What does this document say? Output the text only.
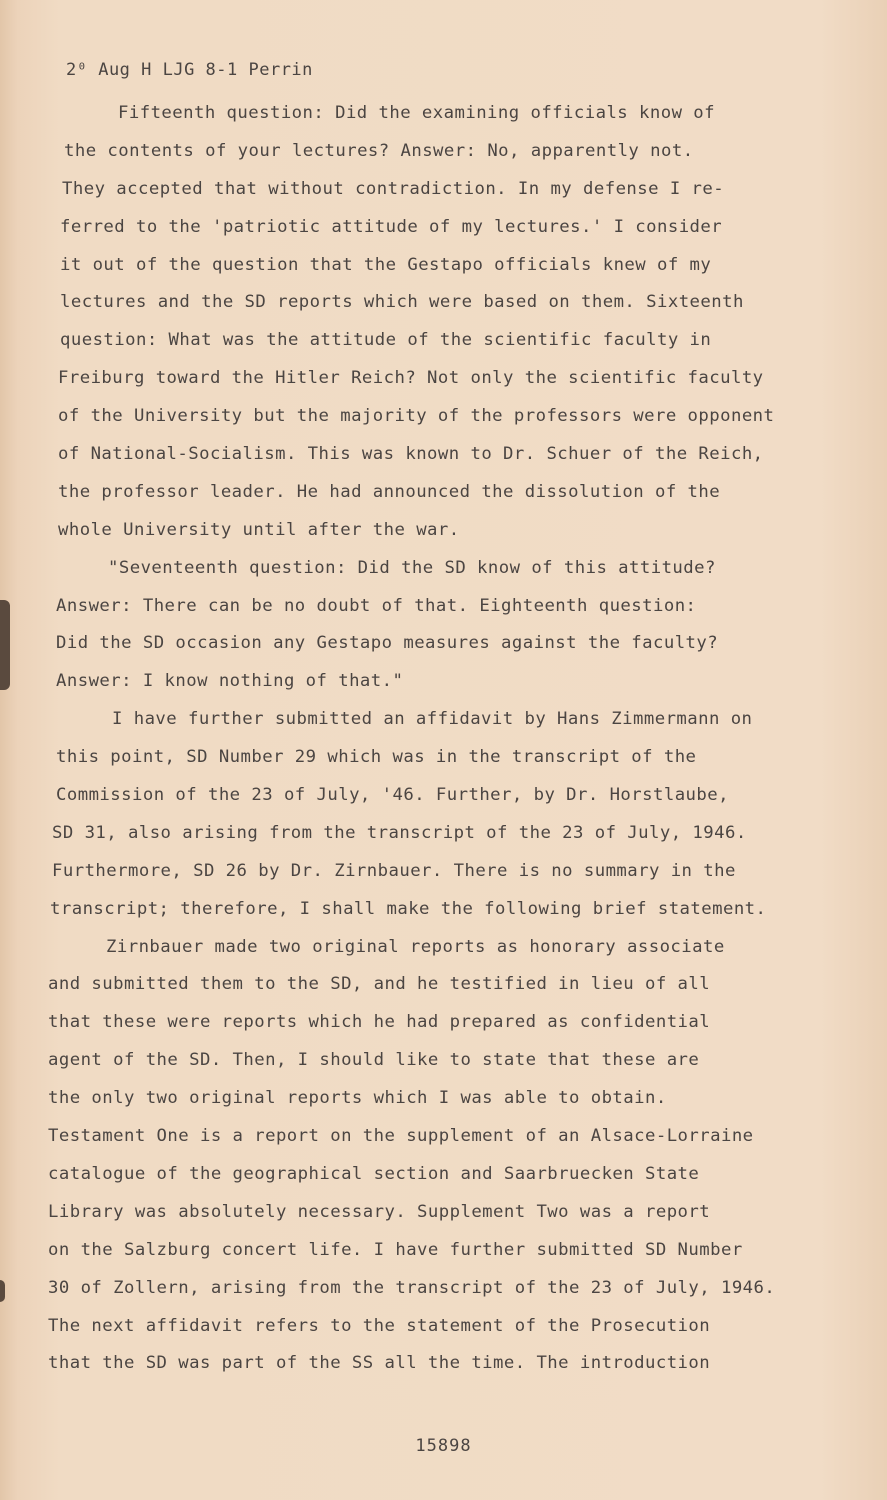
2⁰ Aug H LJG 8-1 Perrin
Fifteenth question: Did the examining officials know of
the contents of your lectures? Answer: No, apparently not.
They accepted that without contradiction. In my defense I re-
ferred to the 'patriotic attitude of my lectures.' I consider
it out of the question that the Gestapo officials knew of my
lectures and the SD reports which were based on them. Sixteenth
question: What was the attitude of the scientific faculty in
Freiburg toward the Hitler Reich? Not only the scientific faculty
of the University but the majority of the professors were opponent
of National-Socialism. This was known to Dr. Schuer of the Reich,
the professor leader. He had announced the dissolution of the
whole University until after the war.
"Seventeenth question: Did the SD know of this attitude?
Answer: There can be no doubt of that. Eighteenth question:
Did the SD occasion any Gestapo measures against the faculty?
Answer: I know nothing of that."
I have further submitted an affidavit by Hans Zimmermann on
this point, SD Number 29 which was in the transcript of the
Commission of the 23 of July, '46. Further, by Dr. Horstlaube,
SD 31, also arising from the transcript of the 23 of July, 1946.
Furthermore, SD 26 by Dr. Zirnbauer. There is no summary in the
transcript; therefore, I shall make the following brief statement.
Zirnbauer made two original reports as honorary associate
and submitted them to the SD, and he testified in lieu of all
that these were reports which he had prepared as confidential
agent of the SD. Then, I should like to state that these are
the only two original reports which I was able to obtain.
Testament One is a report on the supplement of an Alsace-Lorraine
catalogue of the geographical section and Saarbruecken State
Library was absolutely necessary. Supplement Two was a report
on the Salzburg concert life. I have further submitted SD Number
30 of Zollern, arising from the transcript of the 23 of July, 1946.
The next affidavit refers to the statement of the Prosecution
that the SD was part of the SS all the time. The introduction
15898
